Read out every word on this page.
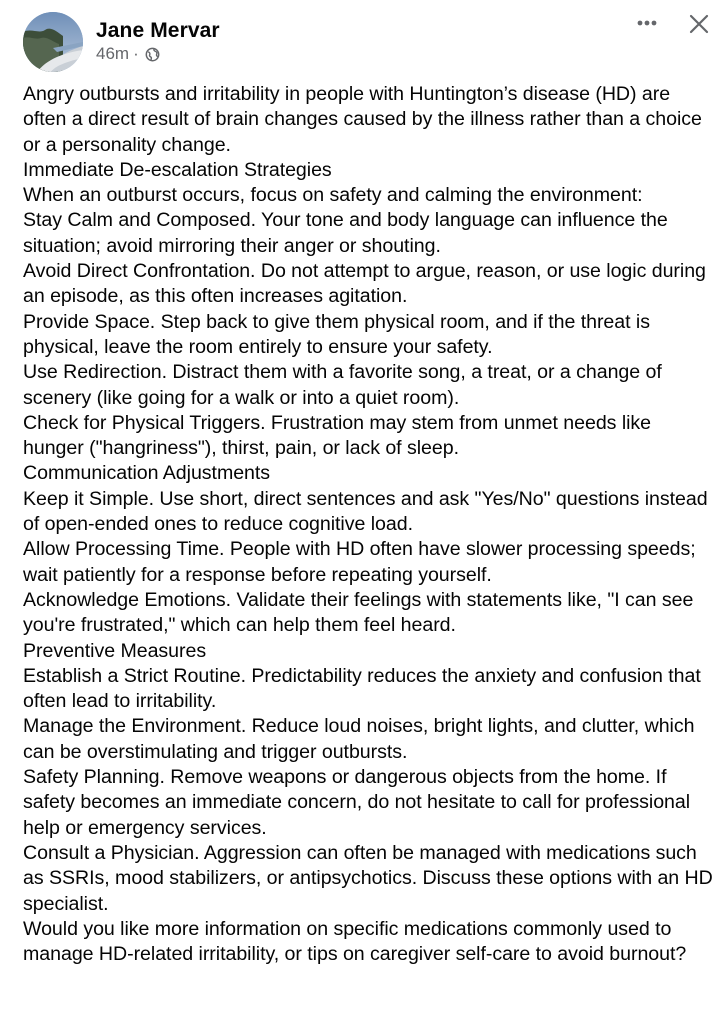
Jane Mervar
46m ·

Angry outbursts and irritability in people with Huntington’s disease (HD) are often a direct result of brain changes caused by the illness rather than a choice or a personality change.

Immediate De-escalation Strategies

When an outburst occurs, focus on safety and calming the environment:

Stay Calm and Composed. Your tone and body language can influence the situation; avoid mirroring their anger or shouting.

Avoid Direct Confrontation. Do not attempt to argue, reason, or use logic during an episode, as this often increases agitation.

Provide Space. Step back to give them physical room, and if the threat is physical, leave the room entirely to ensure your safety.

Use Redirection. Distract them with a favorite song, a treat, or a change of scenery (like going for a walk or into a quiet room).

Check for Physical Triggers. Frustration may stem from unmet needs like hunger ("hangriness"), thirst, pain, or lack of sleep.

Communication Adjustments

Keep it Simple. Use short, direct sentences and ask "Yes/No" questions instead of open-ended ones to reduce cognitive load.

Allow Processing Time. People with HD often have slower processing speeds; wait patiently for a response before repeating yourself.

Acknowledge Emotions. Validate their feelings with statements like, "I can see you're frustrated," which can help them feel heard.

Preventive Measures

Establish a Strict Routine. Predictability reduces the anxiety and confusion that often lead to irritability.

Manage the Environment. Reduce loud noises, bright lights, and clutter, which can be overstimulating and trigger outbursts.

Safety Planning. Remove weapons or dangerous objects from the home. If safety becomes an immediate concern, do not hesitate to call for professional help or emergency services.

Consult a Physician. Aggression can often be managed with medications such as SSRIs, mood stabilizers, or antipsychotics. Discuss these options with an HD specialist.

Would you like more information on specific medications commonly used to manage HD-related irritability, or tips on caregiver self-care to avoid burnout?
